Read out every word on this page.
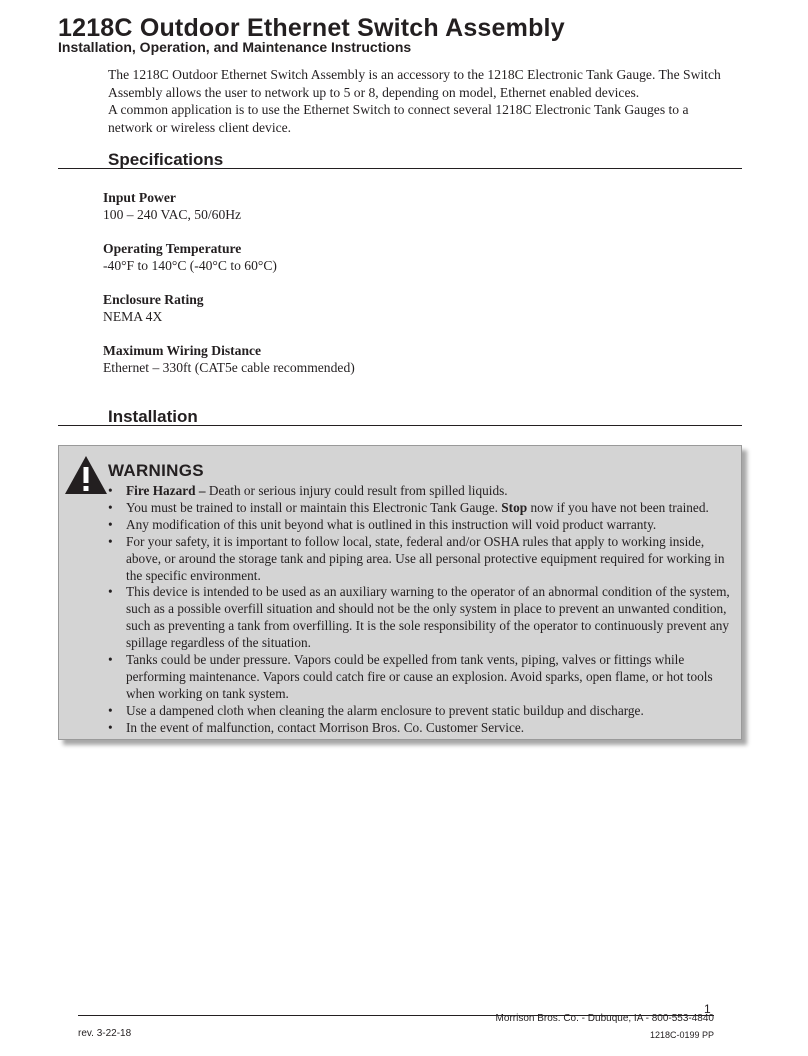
1218C Outdoor Ethernet Switch Assembly
Installation, Operation, and Maintenance Instructions

The 1218C Outdoor Ethernet Switch Assembly is an accessory to the 1218C Electronic Tank Gauge. The Switch Assembly allows the user to network up to 5 or 8, depending on model, Ethernet enabled devices.

A common application is to use the Ethernet Switch to connect several 1218C Electronic Tank Gauges to a network or wireless client device.

Specifications
Input Power
100 – 240 VAC, 50/60Hz
Operating Temperature
-40°F to 140°C (-40°C to 60°C)
Enclosure Rating
NEMA 4X
Maximum Wiring Distance
Ethernet – 330ft (CAT5e cable recommended)
Installation
WARNINGS
• Fire Hazard – Death or serious injury could result from spilled liquids.
• You must be trained to install or maintain this Electronic Tank Gauge. Stop now if you have not been trained.
• Any modification of this unit beyond what is outlined in this instruction will void product warranty.
• For your safety, it is important to follow local, state, federal and/or OSHA rules that apply to working inside, above, or around the storage tank and piping area. Use all personal protective equipment required for working in the specific environment.
• This device is intended to be used as an auxiliary warning to the operator of an abnormal condition of the system, such as a possible overfill situation and should not be the only system in place to prevent an unwanted condition, such as preventing a tank from overfilling. It is the sole responsibility of the operator to continuously prevent any spillage regardless of the situation.
• Tanks could be under pressure. Vapors could be expelled from tank vents, piping, valves or fittings while performing maintenance. Vapors could catch fire or cause an explosion. Avoid sparks, open flame, or hot tools when working on tank system.
• Use a dampened cloth when cleaning the alarm enclosure to prevent static buildup and discharge.
• In the event of malfunction, contact Morrison Bros. Co. Customer Service.
1
Morrison Bros. Co. - Dubuque, IA - 800-553-4840
rev. 3-22-18	1218C-0199 PP
